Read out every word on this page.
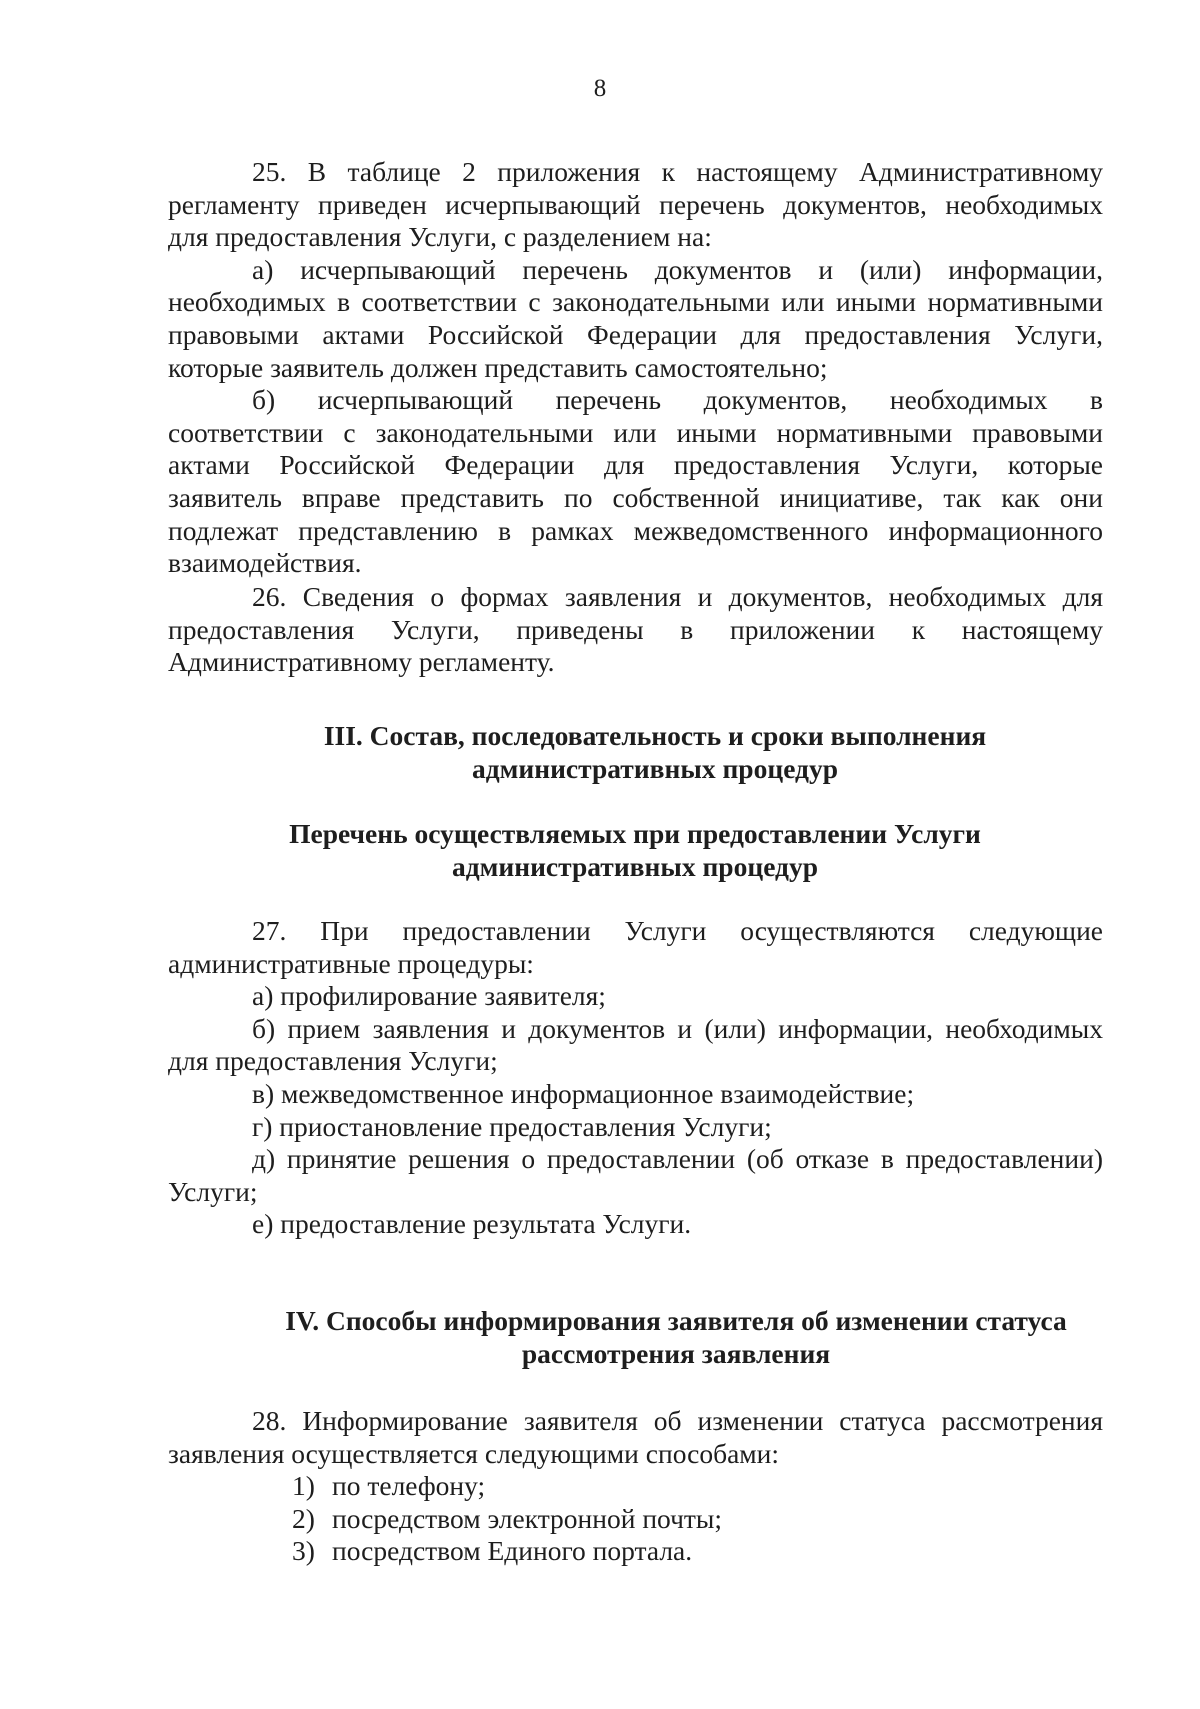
8
25. В таблице 2 приложения к настоящему Административному
регламенту приведен исчерпывающий перечень документов, необходимых
для предоставления Услуги, с разделением на:
а) исчерпывающий перечень документов и (или) информации,
необходимых в соответствии с законодательными или иными нормативными
правовыми актами Российской Федерации для предоставления Услуги,
которые заявитель должен представить самостоятельно;
б) исчерпывающий перечень документов, необходимых в
соответствии с законодательными или иными нормативными правовыми
актами Российской Федерации для предоставления Услуги, которые
заявитель вправе представить по собственной инициативе, так как они
подлежат представлению в рамках межведомственного информационного
взаимодействия.
26. Сведения о формах заявления и документов, необходимых для
предоставления Услуги, приведены в приложении к настоящему
Административному регламенту.
III. Состав, последовательность и сроки выполнения
административных процедур
Перечень осуществляемых при предоставлении Услуги
административных процедур
27. При предоставлении Услуги осуществляются следующие
административные процедуры:
а) профилирование заявителя;
б) прием заявления и документов и (или) информации, необходимых
для предоставления Услуги;
в) межведомственное информационное взаимодействие;
г) приостановление предоставления Услуги;
д) принятие решения о предоставлении (об отказе в предоставлении)
Услуги;
е) предоставление результата Услуги.
IV. Способы информирования заявителя об изменении статуса
рассмотрения заявления
28. Информирование заявителя об изменении статуса рассмотрения
заявления осуществляется следующими способами:
1) по телефону;
2) посредством электронной почты;
3) посредством Единого портала.
